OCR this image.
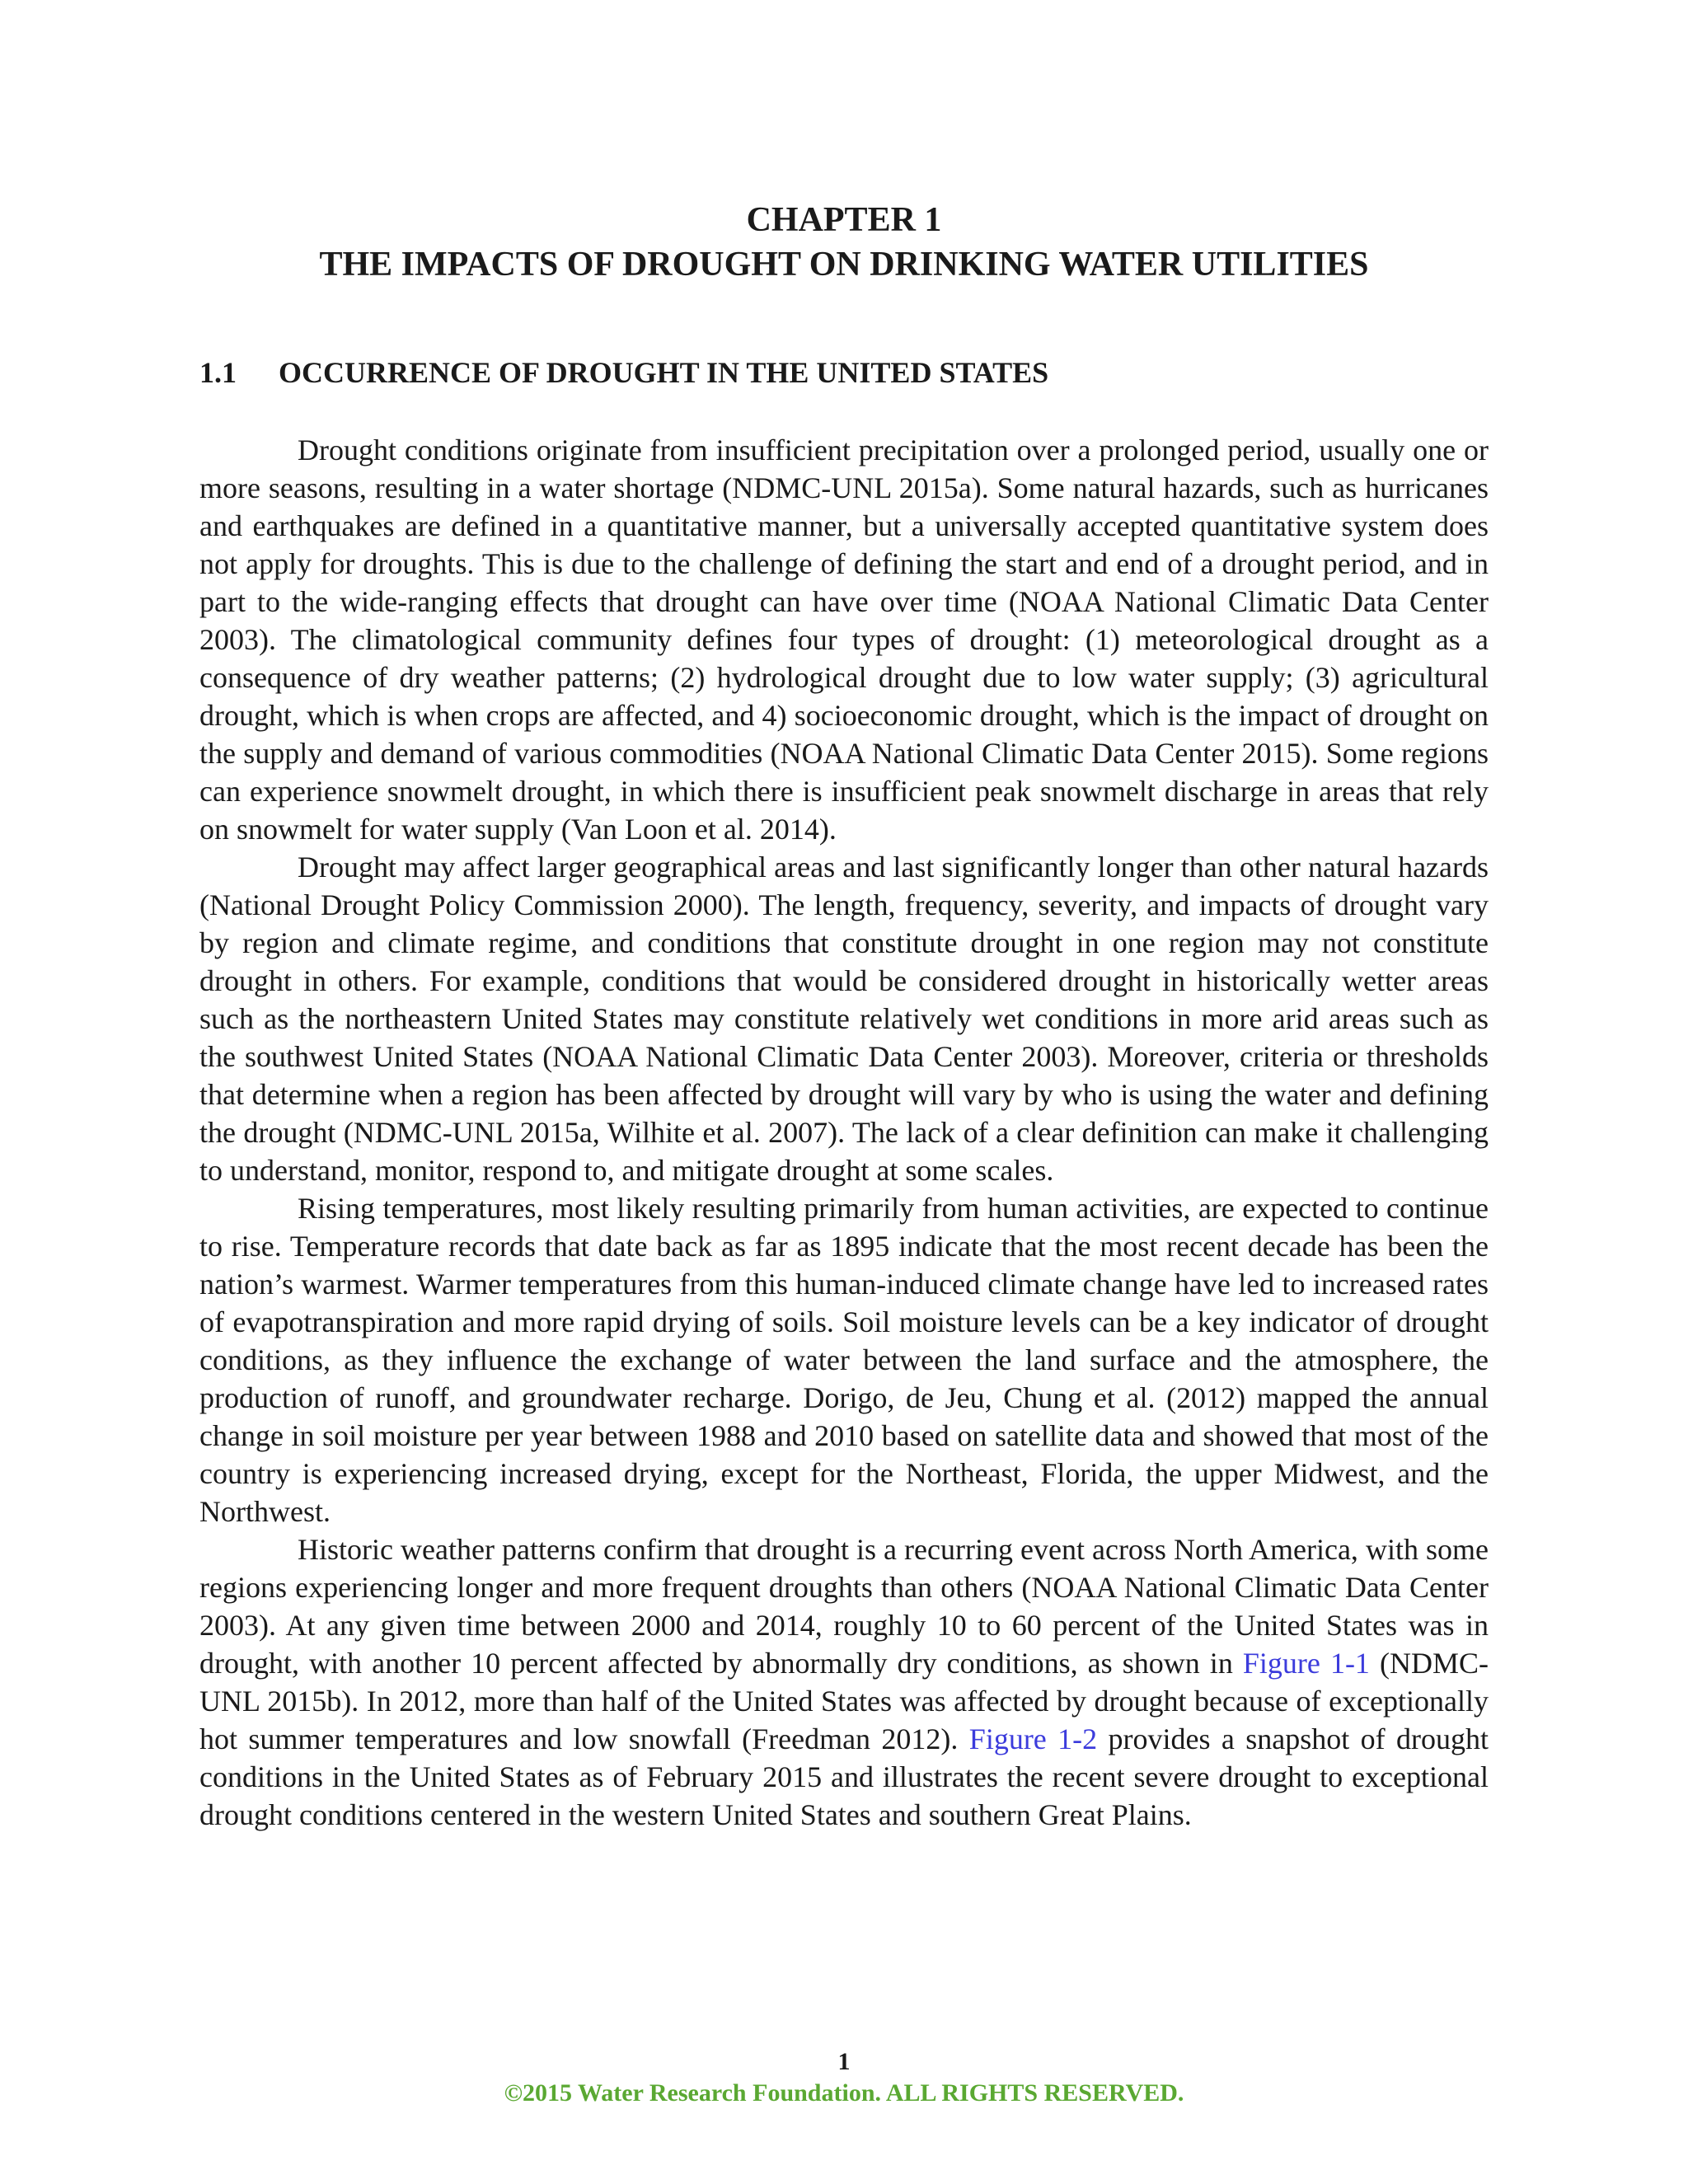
CHAPTER 1
THE IMPACTS OF DROUGHT ON DRINKING WATER UTILITIES
1.1 OCCURRENCE OF DROUGHT IN THE UNITED STATES

Drought conditions originate from insufficient precipitation over a prolonged period, usually one or more seasons, resulting in a water shortage (NDMC-UNL 2015a). Some natural hazards, such as hurricanes and earthquakes are defined in a quantitative manner, but a universally accepted quantitative system does not apply for droughts. This is due to the challenge of defining the start and end of a drought period, and in part to the wide-ranging effects that drought can have over time (NOAA National Climatic Data Center 2003). The climatological community defines four types of drought: (1) meteorological drought as a consequence of dry weather patterns; (2) hydrological drought due to low water supply; (3) agricultural drought, which is when crops are affected, and 4) socioeconomic drought, which is the impact of drought on the supply and demand of various commodities (NOAA National Climatic Data Center 2015). Some regions can experience snowmelt drought, in which there is insufficient peak snowmelt discharge in areas that rely on snowmelt for water supply (Van Loon et al. 2014).

Drought may affect larger geographical areas and last significantly longer than other natural hazards (National Drought Policy Commission 2000). The length, frequency, severity, and impacts of drought vary by region and climate regime, and conditions that constitute drought in one region may not constitute drought in others. For example, conditions that would be considered drought in historically wetter areas such as the northeastern United States may constitute relatively wet conditions in more arid areas such as the southwest United States (NOAA National Climatic Data Center 2003). Moreover, criteria or thresholds that determine when a region has been affected by drought will vary by who is using the water and defining the drought (NDMC-UNL 2015a, Wilhite et al. 2007). The lack of a clear definition can make it challenging to understand, monitor, respond to, and mitigate drought at some scales.

Rising temperatures, most likely resulting primarily from human activities, are expected to continue to rise. Temperature records that date back as far as 1895 indicate that the most recent decade has been the nation’s warmest. Warmer temperatures from this human-induced climate change have led to increased rates of evapotranspiration and more rapid drying of soils. Soil moisture levels can be a key indicator of drought conditions, as they influence the exchange of water between the land surface and the atmosphere, the production of runoff, and groundwater recharge. Dorigo, de Jeu, Chung et al. (2012) mapped the annual change in soil moisture per year between 1988 and 2010 based on satellite data and showed that most of the country is experiencing increased drying, except for the Northeast, Florida, the upper Midwest, and the Northwest.

Historic weather patterns confirm that drought is a recurring event across North America, with some regions experiencing longer and more frequent droughts than others (NOAA National Climatic Data Center 2003). At any given time between 2000 and 2014, roughly 10 to 60 percent of the United States was in drought, with another 10 percent affected by abnormally dry conditions, as shown in Figure 1-1 (NDMC-UNL 2015b). In 2012, more than half of the United States was affected by drought because of exceptionally hot summer temperatures and low snowfall (Freedman 2012). Figure 1-2 provides a snapshot of drought conditions in the United States as of February 2015 and illustrates the recent severe drought to exceptional drought conditions centered in the western United States and southern Great Plains.

1
©2015 Water Research Foundation. ALL RIGHTS RESERVED.
